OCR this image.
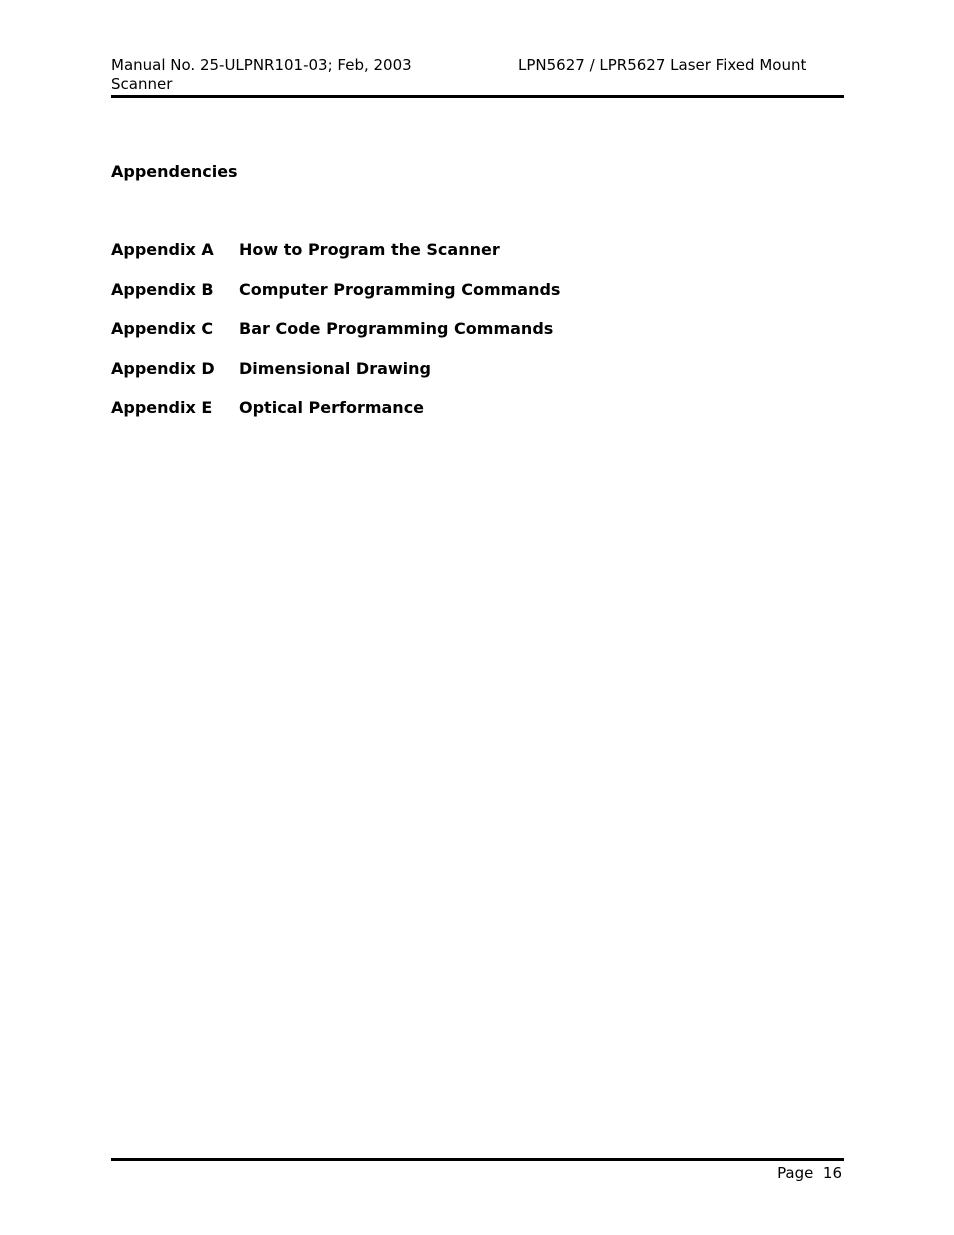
Manual No. 25-ULPNR101-03; Feb, 2003
Scanner
LPN5627 / LPR5627 Laser Fixed Mount
Appendencies
Appendix A How to Program the Scanner
Appendix B Computer Programming Commands
Appendix C Bar Code Programming Commands
Appendix D Dimensional Drawing
Appendix E Optical Performance
Page  16
